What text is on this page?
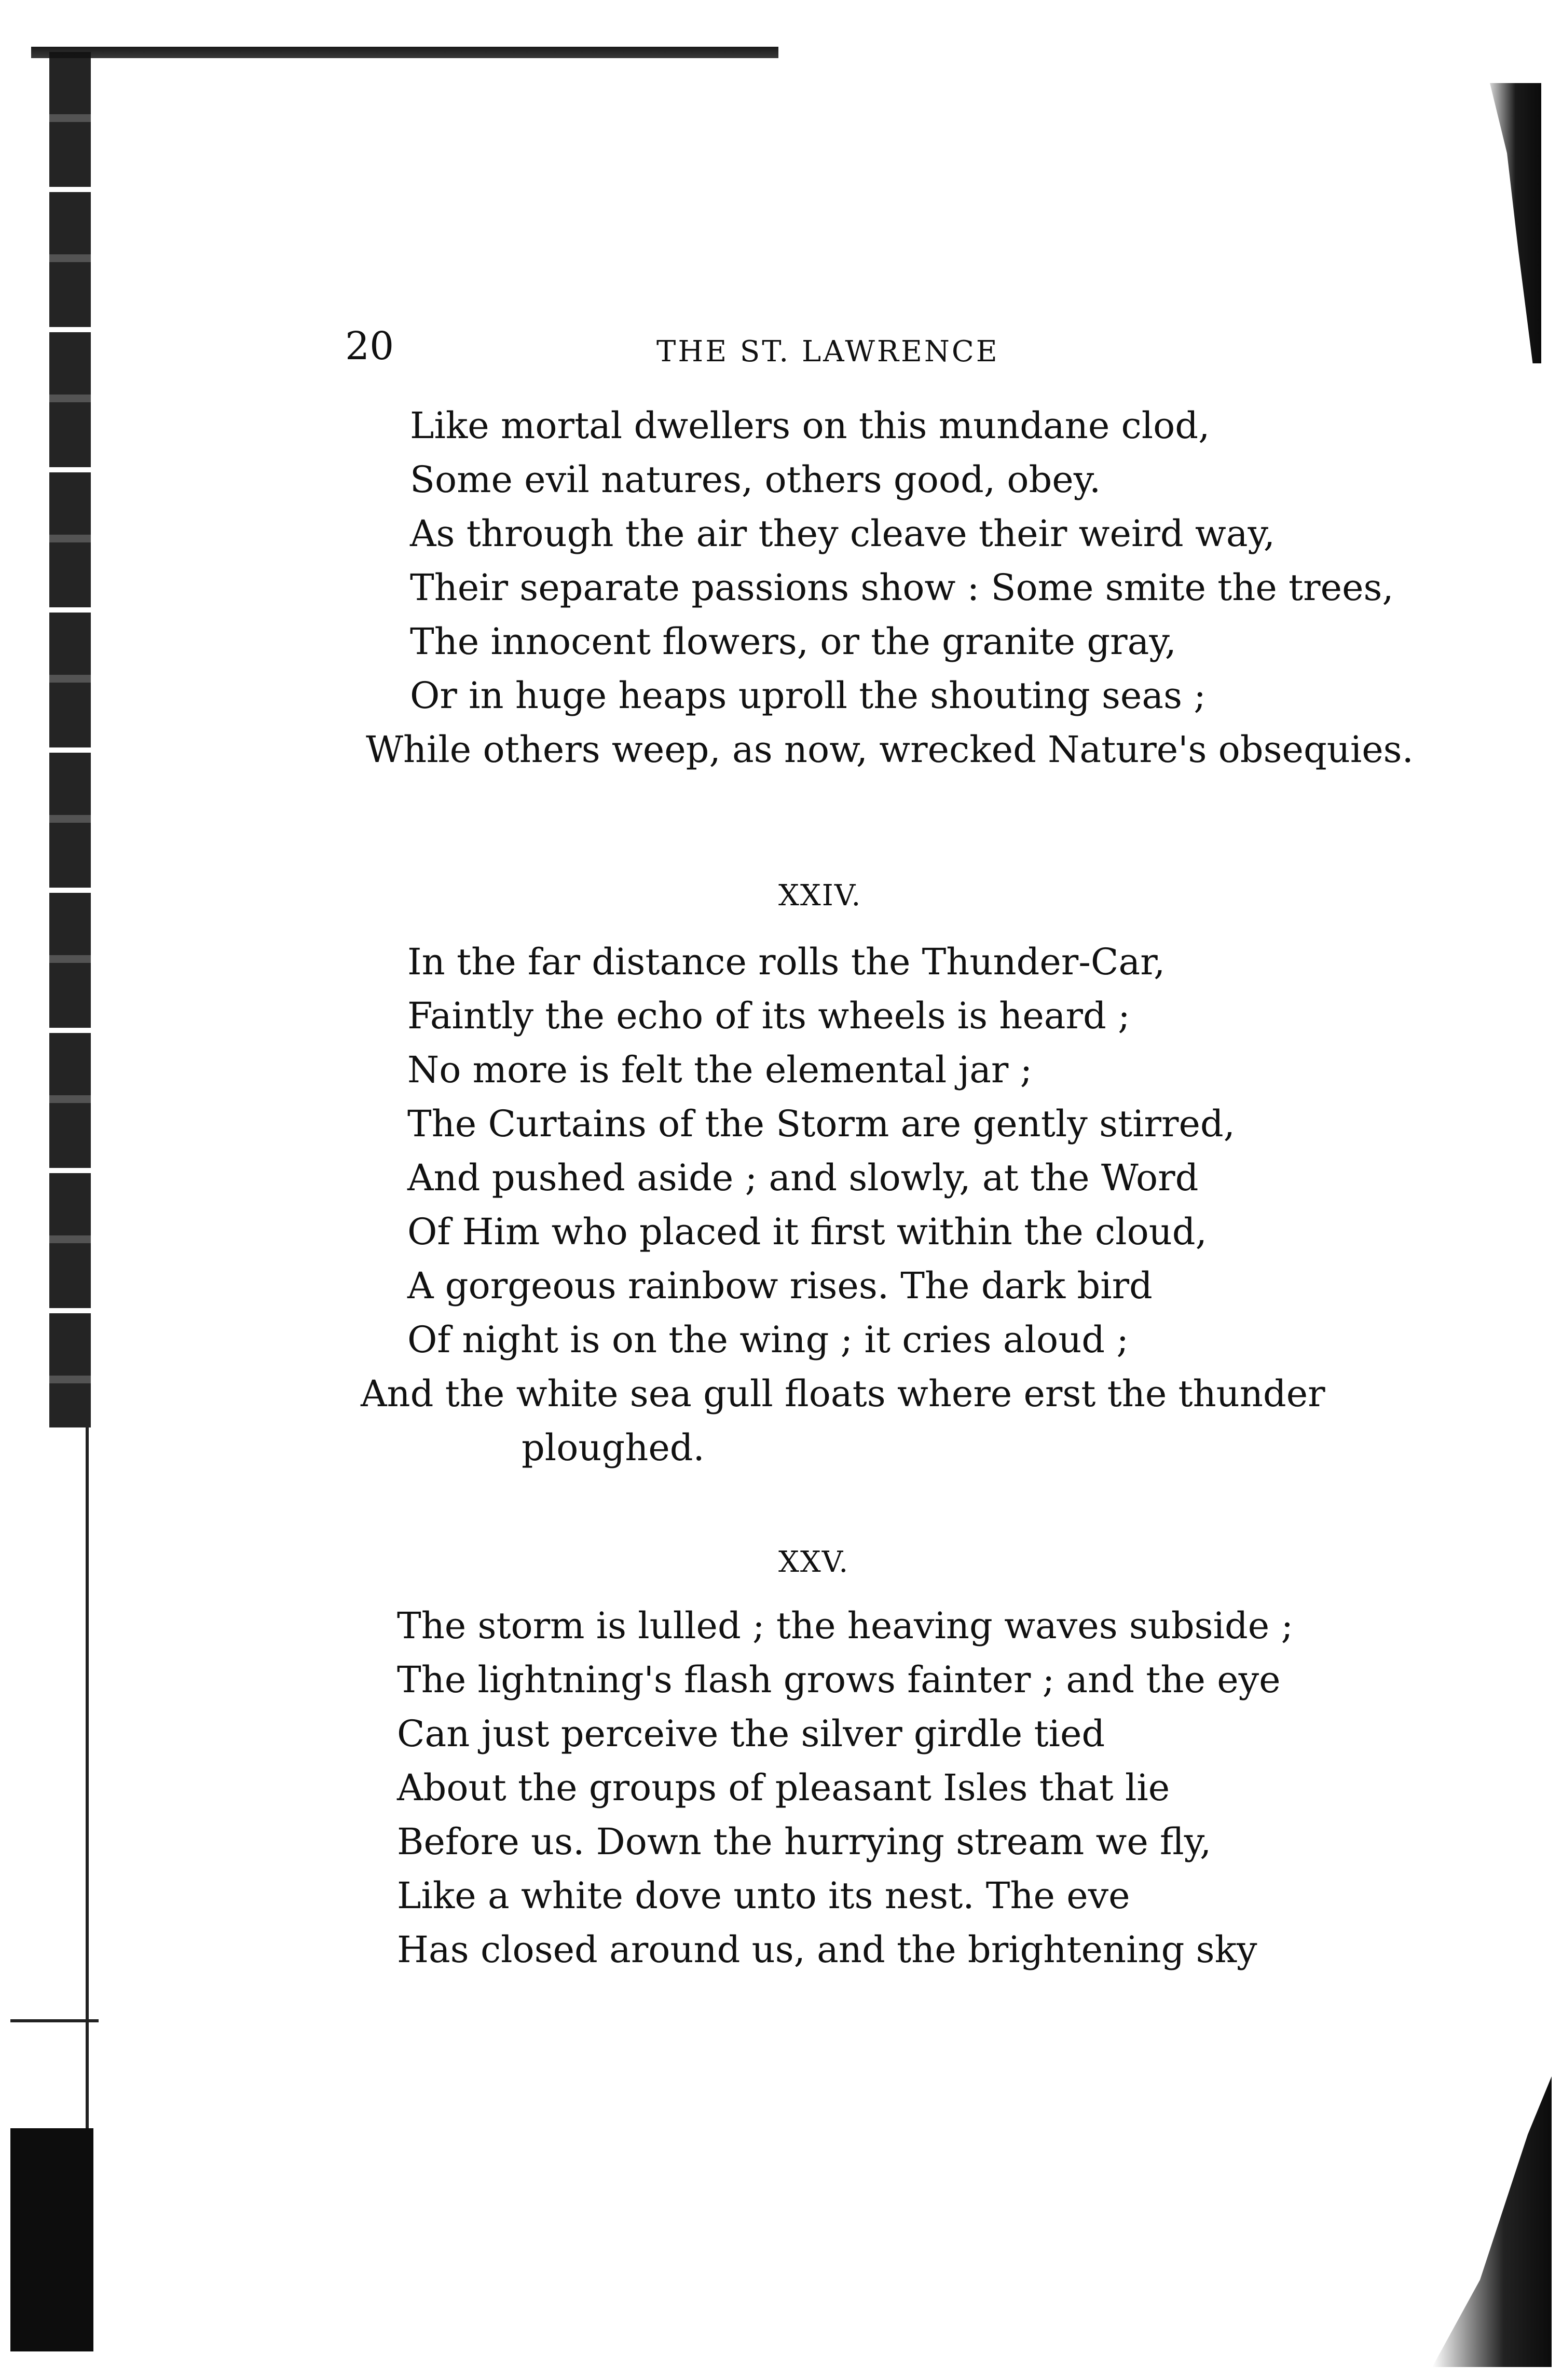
20	THE ST. LAWRENCE
Like mortal dwellers on this mundane clod,
Some evil natures, others good, obey.
As through the air they cleave their weird way,
Their separate passions show : Some smite the trees,
The innocent flowers, or the granite gray,
Or in huge heaps uproll the shouting seas ;
While others weep, as now, wrecked Nature's obsequies.
XXIV.
In the far distance rolls the Thunder-Car,
Faintly the echo of its wheels is heard ;
No more is felt the elemental jar ;
The Curtains of the Storm are gently stirred,
And pushed aside ; and slowly, at the Word
Of Him who placed it first within the cloud,
A gorgeous rainbow rises. The dark bird
Of night is on the wing ; it cries aloud ;
And the white sea gull floats where erst the thunder
ploughed.
XXV.
The storm is lulled ; the heaving waves subside ;
The lightning's flash grows fainter ; and the eye
Can just perceive the silver girdle tied
About the groups of pleasant Isles that lie
Before us. Down the hurrying stream we fly,
Like a white dove unto its nest. The eve
Has closed around us, and the brightening sky
